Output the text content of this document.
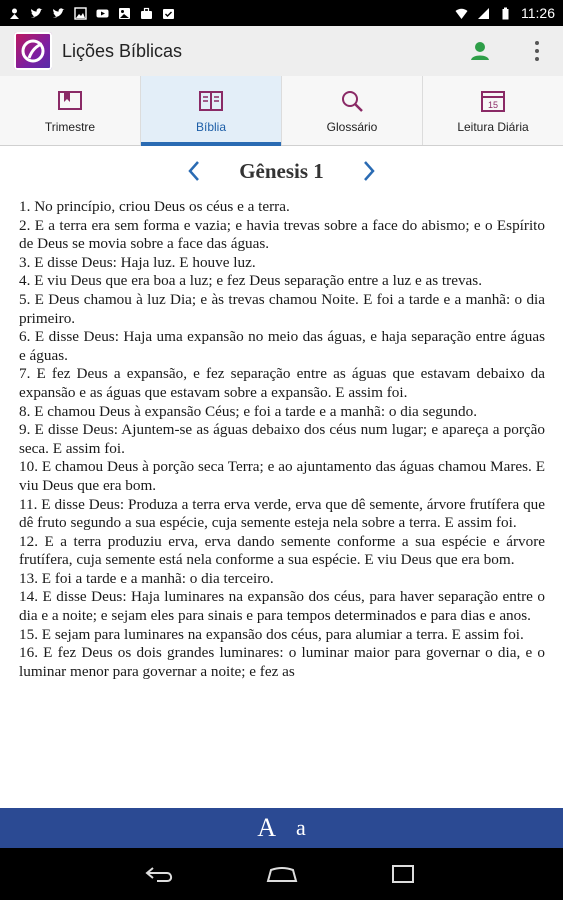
11:26
Lições Bíblicas
Trimestre	Bíblia	Glossário
15
Leitura Diária
Gênesis 1

1. No princípio, criou Deus os céus e a terra.

2. E a terra era sem forma e vazia; e havia trevas sobre a face do abismo; e o Espírito de Deus se movia sobre a face das águas.

3. E disse Deus: Haja luz. E houve luz.

4. E viu Deus que era boa a luz; e fez Deus separação entre a luz e as trevas.

5. E Deus chamou à luz Dia; e às trevas chamou Noite. E foi a tarde e a manhã: o dia primeiro.

6. E disse Deus: Haja uma expansão no meio das águas, e haja separação entre águas e águas.

7. E fez Deus a expansão, e fez separação entre as águas que estavam debaixo da expansão e as águas que estavam sobre a expansão. E assim foi.

8. E chamou Deus à expansão Céus; e foi a tarde e a manhã: o dia segundo.

9. E disse Deus: Ajuntem-se as águas debaixo dos céus num lugar; e apareça a porção seca. E assim foi.

10. E chamou Deus à porção seca Terra; e ao ajuntamento das águas chamou Mares. E viu Deus que era bom.

11. E disse Deus: Produza a terra erva verde, erva que dê semente, árvore frutífera que dê fruto segundo a sua espécie, cuja semente esteja nela sobre a terra. E assim foi.

12. E a terra produziu erva, erva dando semente conforme a sua espécie e árvore frutífera, cuja semente está nela conforme a sua espécie. E viu Deus que era bom.

13. E foi a tarde e a manhã: o dia terceiro.

14. E disse Deus: Haja luminares na expansão dos céus, para haver separação entre o dia e a noite; e sejam eles para sinais e para tempos determinados e para dias e anos.

15. E sejam para luminares na expansão dos céus, para alumiar a terra. E assim foi.

16. E fez Deus os dois grandes luminares: o luminar maior para governar o dia, e o luminar menor para governar a noite; e fez as

A a
